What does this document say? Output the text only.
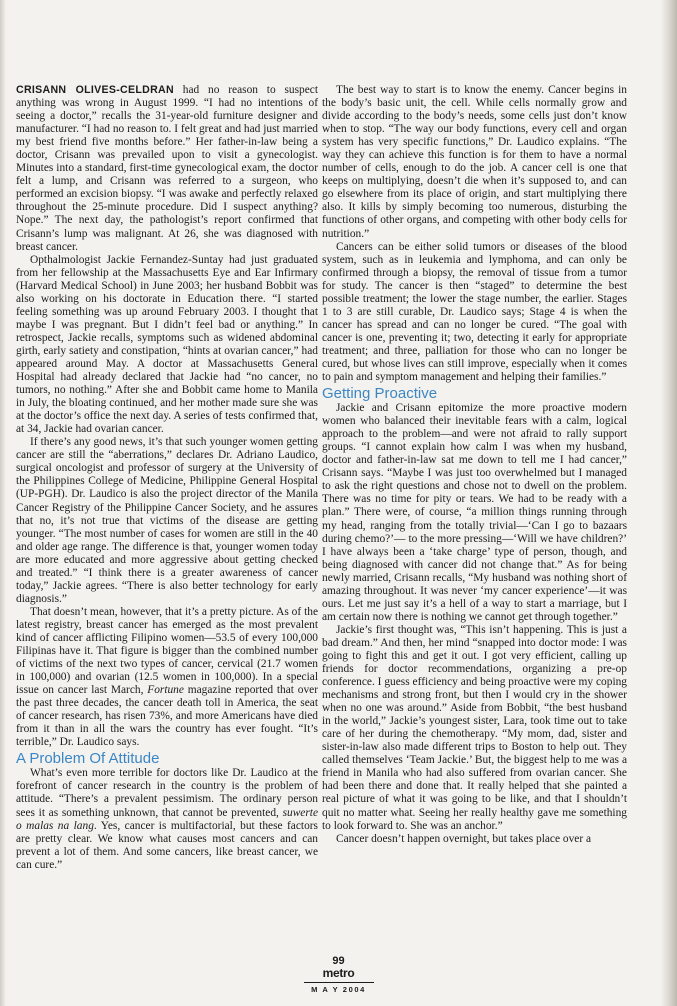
CRISANN OLIVES-CELDRAN had no reason to suspect anything was wrong in August 1999. “I had no intentions of seeing a doctor,” recalls the 31-year-old furniture designer and manufacturer. “I had no reason to. I felt great and had just married my best friend five months before.” Her father-in-law being a doctor, Crisann was prevailed upon to visit a gynecologist. Minutes into a standard, first-time gynecological exam, the doctor felt a lump, and Crisann was referred to a surgeon, who performed an excision biopsy. “I was awake and perfectly relaxed throughout the 25-minute procedure. Did I suspect anything? Nope.” The next day, the pathologist’s report confirmed that Crisann’s lump was malignant. At 26, she was diagnosed with breast cancer.

Opthalmologist Jackie Fernandez-Suntay had just graduated from her fellowship at the Massachusetts Eye and Ear Infirmary (Harvard Medical School) in June 2003; her husband Bobbit was also working on his doctorate in Education there. “I started feeling something was up around February 2003. I thought that maybe I was pregnant. But I didn’t feel bad or anything.” In retrospect, Jackie recalls, symptoms such as widened abdominal girth, early satiety and constipation, “hints at ovarian cancer,” had appeared around May. A doctor at Massachusetts General Hospital had already declared that Jackie had “no cancer, no tumors, no nothing.” After she and Bobbit came home to Manila in July, the bloating continued, and her mother made sure she was at the doctor’s office the next day. A series of tests confirmed that, at 34, Jackie had ovarian cancer.

If there’s any good news, it’s that such younger women getting cancer are still the “aberrations,” declares Dr. Adriano Laudico, surgical oncologist and professor of surgery at the University of the Philippines College of Medicine, Philippine General Hospital (UP-PGH). Dr. Laudico is also the project director of the Manila Cancer Registry of the Philippine Cancer Society, and he assures that no, it’s not true that victims of the disease are getting younger. “The most number of cases for women are still in the 40 and older age range. The difference is that, younger women today are more educated and more aggressive about getting checked and treated.” “I think there is a greater awareness of cancer today,” Jackie agrees. “There is also better technology for early diagnosis.”

That doesn’t mean, however, that it’s a pretty picture. As of the latest registry, breast cancer has emerged as the most prevalent kind of cancer afflicting Filipino women—53.5 of every 100,000 Filipinas have it. That figure is bigger than the combined number of victims of the next two types of cancer, cervical (21.7 women in 100,000) and ovarian (12.5 women in 100,000). In a special issue on cancer last March, Fortune magazine reported that over the past three decades, the cancer death toll in America, the seat of cancer research, has risen 73%, and more Americans have died from it than in all the wars the country has ever fought. “It’s terrible,” Dr. Laudico says.

A Problem Of Attitude

What’s even more terrible for doctors like Dr. Laudico at the forefront of cancer research in the country is the problem of attitude. “There’s a prevalent pessimism. The ordinary person sees it as something unknown, that cannot be prevented, suwerte o malas na lang. Yes, cancer is multifactorial, but these factors are pretty clear. We know what causes most cancers and can prevent a lot of them. And some cancers, like breast cancer, we can cure.”

The best way to start is to know the enemy. Cancer begins in the body’s basic unit, the cell. While cells normally grow and divide according to the body’s needs, some cells just don’t know when to stop. “The way our body functions, every cell and organ system has very specific functions,” Dr. Laudico explains. “The way they can achieve this function is for them to have a normal number of cells, enough to do the job. A cancer cell is one that keeps on multiplying, doesn’t die when it’s supposed to, and can go elsewhere from its place of origin, and start multiplying there also. It kills by simply becoming too numerous, disturbing the functions of other organs, and competing with other body cells for nutrition.”

Cancers can be either solid tumors or diseases of the blood system, such as in leukemia and lymphoma, and can only be confirmed through a biopsy, the removal of tissue from a tumor for study. The cancer is then “staged” to determine the best possible treatment; the lower the stage number, the earlier. Stages 1 to 3 are still curable, Dr. Laudico says; Stage 4 is when the cancer has spread and can no longer be cured. “The goal with cancer is one, preventing it; two, detecting it early for appropriate treatment; and three, palliation for those who can no longer be cured, but whose lives can still improve, especially when it comes to pain and symptom management and helping their families.”

Getting Proactive

Jackie and Crisann epitomize the more proactive modern women who balanced their inevitable fears with a calm, logical approach to the problem—and were not afraid to rally support groups. “I cannot explain how calm I was when my husband, doctor and father-in-law sat me down to tell me I had cancer,” Crisann says. “Maybe I was just too overwhelmed but I managed to ask the right questions and chose not to dwell on the problem. There was no time for pity or tears. We had to be ready with a plan.” There were, of course, “a million things running through my head, ranging from the totally trivial—‘Can I go to bazaars during chemo?’— to the more pressing—‘Will we have children?’ I have always been a ‘take charge’ type of person, though, and being diagnosed with cancer did not change that.” As for being newly married, Crisann recalls, “My husband was nothing short of amazing throughout. It was never ‘my cancer experience’—it was ours. Let me just say it’s a hell of a way to start a marriage, but I am certain now there is nothing we cannot get through together.”

Jackie’s first thought was, “This isn’t happening. This is just a bad dream.” And then, her mind “snapped into doctor mode: I was going to fight this and get it out. I got very efficient, calling up friends for doctor recommendations, organizing a pre-op conference. I guess efficiency and being proactive were my coping mechanisms and strong front, but then I would cry in the shower when no one was around.” Aside from Bobbit, “the best husband in the world,” Jackie’s youngest sister, Lara, took time out to take care of her during the chemotherapy. “My mom, dad, sister and sister-in-law also made different trips to Boston to help out. They called themselves ‘Team Jackie.’ But, the biggest help to me was a friend in Manila who had also suffered from ovarian cancer. She had been there and done that. It really helped that she painted a real picture of what it was going to be like, and that I shouldn’t quit no matter what. Seeing her really healthy gave me something to look forward to. She was an anchor.”

Cancer doesn’t happen overnight, but takes place over a

99
metro
M A Y 2004
